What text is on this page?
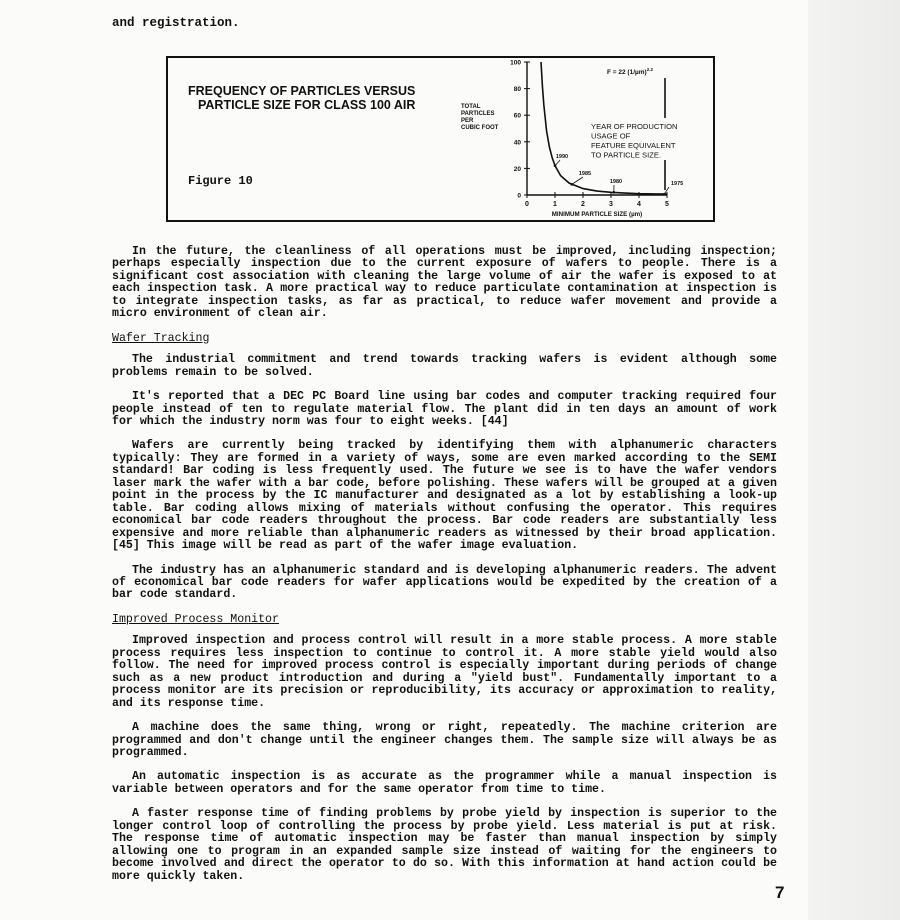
and registration.
FREQUENCY OF PARTICLES VERSUS

PARTICLE SIZE FOR CLASS 100 AIR
Figure 10
0
20
40
60
80
100
0	1	2	3	4	5
MINIMUM PARTICLE SIZE (µm)
TOTAL
PARTICLES
PER
CUBIC FOOT
F = 22 $(1/\mu m)^{2.2}$
YEAR OF PRODUCTION
USAGE OF
FEATURE EQUIVALENT
TO PARTICLE SIZE.
1990
1985
1980	1975

In the future, the cleanliness of all operations must be improved, including inspection; perhaps especially inspection due to the current exposure of wafers to people. There is a significant cost association with cleaning the large volume of air the wafer is exposed to at each inspection task. A more practical way to reduce particulate contamination at inspection is to integrate inspection tasks, as far as practical, to reduce wafer movement and provide a micro environment of clean air.

Wafer Tracking

The industrial commitment and trend towards tracking wafers is evident although some problems remain to be solved.

It's reported that a DEC PC Board line using bar codes and computer tracking required four people instead of ten to regulate material flow. The plant did in ten days an amount of work for which the industry norm was four to eight weeks. [44]

Wafers are currently being tracked by identifying them with alphanumeric characters typically: They are formed in a variety of ways, some are even marked according to the SEMI standard! Bar coding is less frequently used. The future we see is to have the wafer vendors laser mark the wafer with a bar code, before polishing. These wafers will be grouped at a given point in the process by the IC manufacturer and designated as a lot by establishing a look-up table. Bar coding allows mixing of materials without confusing the operator. This requires economical bar code readers throughout the process. Bar code readers are substantially less expensive and more reliable than alphanumeric readers as witnessed by their broad application. [45] This image will be read as part of the wafer image evaluation.

The industry has an alphanumeric standard and is developing alphanumeric readers. The advent of economical bar code readers for wafer applications would be expedited by the creation of a bar code standard.

Improved Process Monitor

Improved inspection and process control will result in a more stable process. A more stable process requires less inspection to continue to control it. A more stable yield would also follow. The need for improved process control is especially important during periods of change such as a new product introduction and during a "yield bust". Fundamentally important to a process monitor are its precision or reproducibility, its accuracy or approximation to reality, and its response time.

A machine does the same thing, wrong or right, repeatedly. The machine criterion are programmed and don't change until the engineer changes them. The sample size will always be as programmed.

An automatic inspection is as accurate as the programmer while a manual inspection is variable between operators and for the same operator from time to time.

A faster response time of finding problems by probe yield by inspection is superior to the longer control loop of controlling the process by probe yield. Less material is put at risk. The response time of automatic inspection may be faster than manual inspection by simply allowing one to program in an expanded sample size instead of waiting for the engineers to become involved and direct the operator to do so. With this information at hand action could be more quickly taken.

7
